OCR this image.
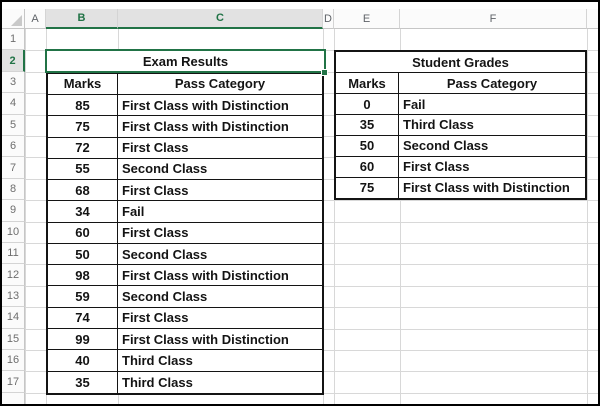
A	B	C	D	E	F
1
2
3
4
5
6
7
8
9
10
11
12
13
14
15
16
17
Marks	Pass Category
85	First Class with Distinction
75	First Class with Distinction
72	First Class
55	Second Class
68	First Class
34	Fail
60	First Class
50	Second Class
98	First Class with Distinction
59	Second Class
74	First Class
99	First Class with Distinction
40	Third Class
35	Third Class
Student Grades
Marks	Pass Category
0	Fail
35	Third Class
50	Second Class
60	First Class
75	First Class with Distinction
Exam Results
